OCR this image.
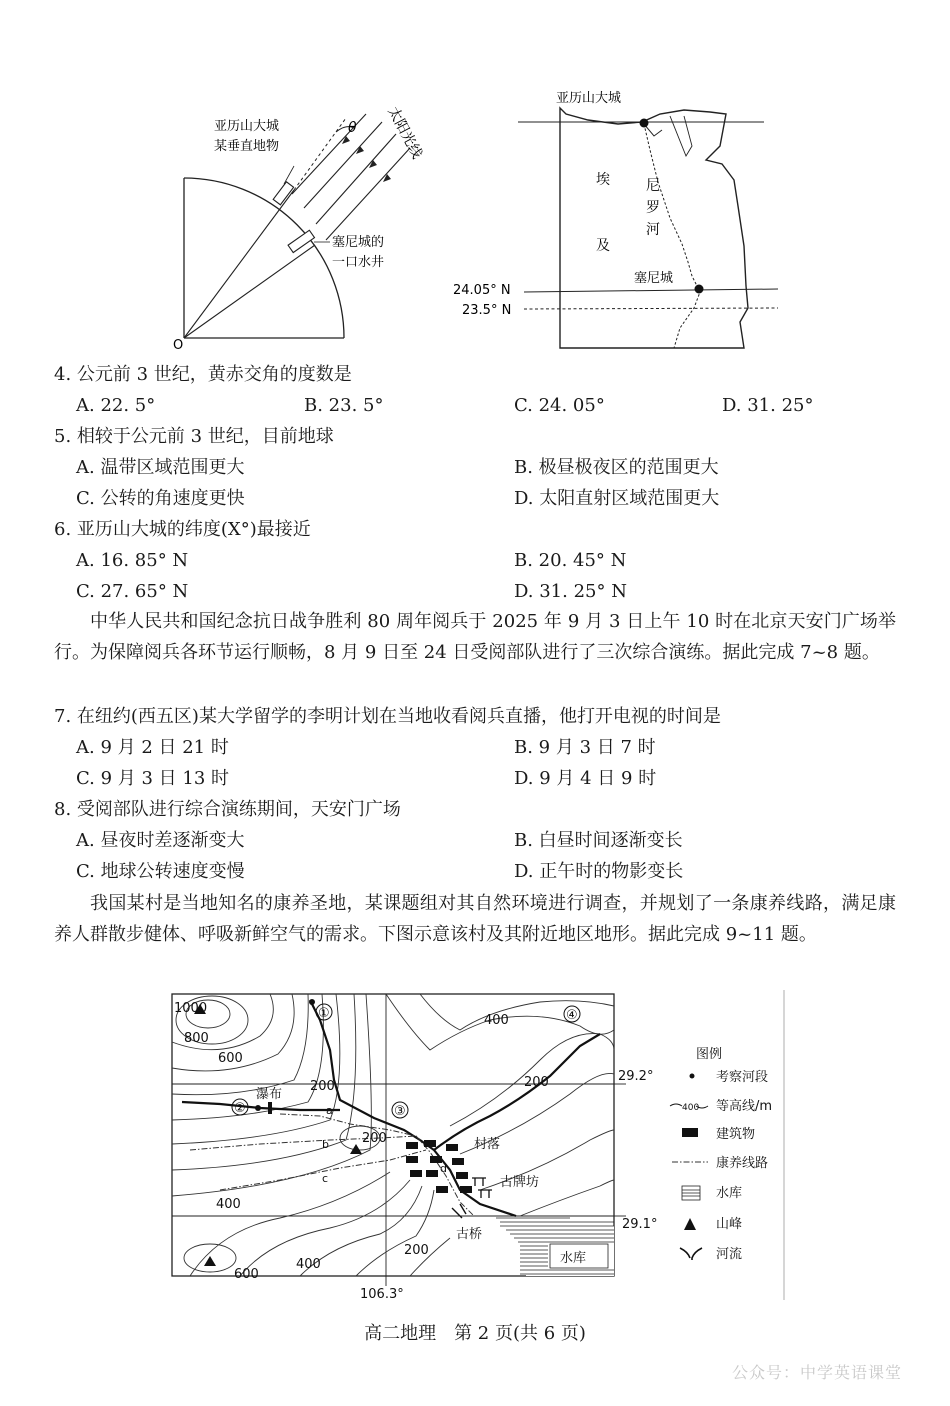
亚历山大城
某垂直地物
θ 太阳光线
塞尼城的
一口水井
O
亚历山大城
埃
及
尼
罗
河
塞尼城
24.05° N
23.5° N
4. 公元前 3 世纪，黄赤交角的度数是
A. 22. 5°	B. 23. 5°	C. 24. 05°	D. 31. 25°
5. 相较于公元前 3 世纪，目前地球
A. 温带区域范围更大	B. 极昼极夜区的范围更大
C. 公转的角速度更快	D. 太阳直射区域范围更大
6. 亚历山大城的纬度(X°)最接近
A. 16. 85° N	B. 20. 45° N
C. 27. 65° N	D. 31. 25° N

中华人民共和国纪念抗日战争胜利 80 周年阅兵于 2025 年 9 月 3 日上午 10 时在北京天安门广场举行。为保障阅兵各环节运行顺畅，8 月 9 日至 24 日受阅部队进行了三次综合演练。据此完成 7~8 题。

7. 在纽约(西五区)某大学留学的李明计划在当地收看阅兵直播，他打开电视的时间是
A. 9 月 2 日 21 时	B. 9 月 3 日 7 时
C. 9 月 3 日 13 时	D. 9 月 4 日 9 时
8. 受阅部队进行综合演练期间，天安门广场
A. 昼夜时差逐渐变大	B. 白昼时间逐渐变长
C. 地球公转速度变慢	D. 正午时的物影变长

我国某村是当地知名的康养圣地，某课题组对其自然环境进行调查，并规划了一条康养线路，满足康养人群散步健体、呼吸新鲜空气的需求。下图示意该村及其附近地区地形。据此完成 9~11 题。

1000
800
600
200
400
200
200
400
200
600
400
29.2°
29.1°
106.3°
瀑布
村落
古牌坊
古桥
水库
①
②	③
④
a
b
c
d
图例
考察河段
400 等高线/m
建筑物
康养线路
水库
山峰
河流
高二地理　第 2 页(共 6 页)
公众号：中学英语课堂
